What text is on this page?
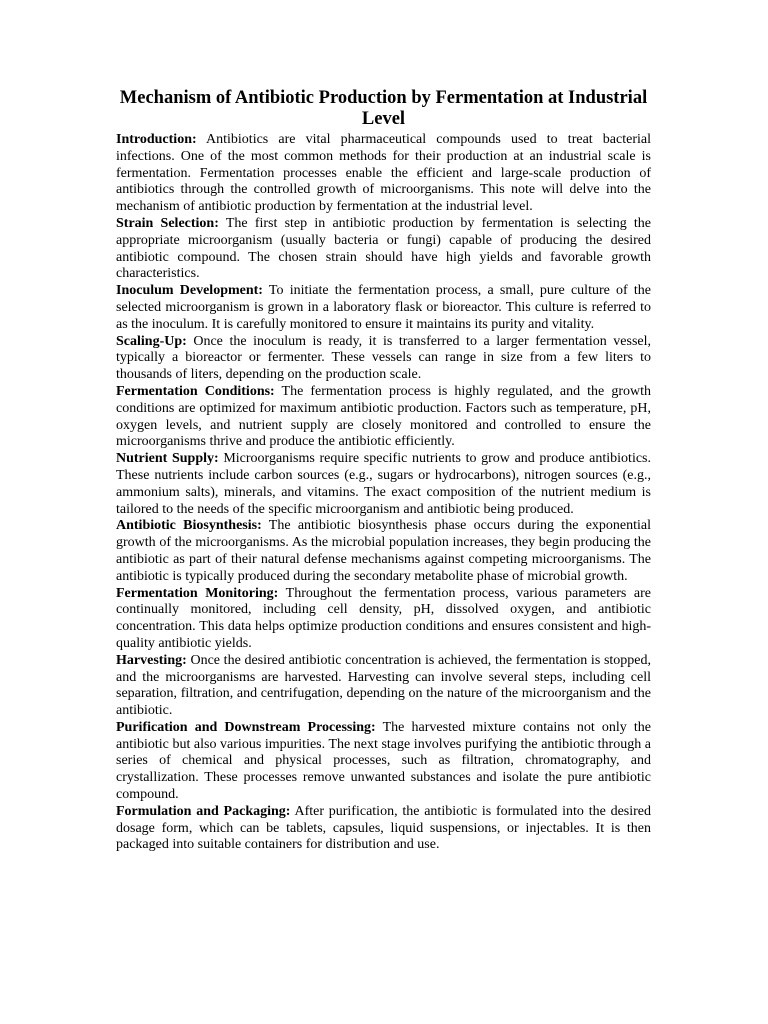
Mechanism of Antibiotic Production by Fermentation at Industrial Level

Introduction: Antibiotics are vital pharmaceutical compounds used to treat bacterial infections. One of the most common methods for their production at an industrial scale is fermentation. Fermentation processes enable the efficient and large-scale production of antibiotics through the controlled growth of microorganisms. This note will delve into the mechanism of antibiotic production by fermentation at the industrial level.

Strain Selection: The first step in antibiotic production by fermentation is selecting the appropriate microorganism (usually bacteria or fungi) capable of producing the desired antibiotic compound. The chosen strain should have high yields and favorable growth characteristics.

Inoculum Development: To initiate the fermentation process, a small, pure culture of the selected microorganism is grown in a laboratory flask or bioreactor. This culture is referred to as the inoculum. It is carefully monitored to ensure it maintains its purity and vitality.

Scaling-Up: Once the inoculum is ready, it is transferred to a larger fermentation vessel, typically a bioreactor or fermenter. These vessels can range in size from a few liters to thousands of liters, depending on the production scale.

Fermentation Conditions: The fermentation process is highly regulated, and the growth conditions are optimized for maximum antibiotic production. Factors such as temperature, pH, oxygen levels, and nutrient supply are closely monitored and controlled to ensure the microorganisms thrive and produce the antibiotic efficiently.

Nutrient Supply: Microorganisms require specific nutrients to grow and produce antibiotics. These nutrients include carbon sources (e.g., sugars or hydrocarbons), nitrogen sources (e.g., ammonium salts), minerals, and vitamins. The exact composition of the nutrient medium is tailored to the needs of the specific microorganism and antibiotic being produced.

Antibiotic Biosynthesis: The antibiotic biosynthesis phase occurs during the exponential growth of the microorganisms. As the microbial population increases, they begin producing the antibiotic as part of their natural defense mechanisms against competing microorganisms. The antibiotic is typically produced during the secondary metabolite phase of microbial growth.

Fermentation Monitoring: Throughout the fermentation process, various parameters are continually monitored, including cell density, pH, dissolved oxygen, and antibiotic concentration. This data helps optimize production conditions and ensures consistent and high-quality antibiotic yields.

Harvesting: Once the desired antibiotic concentration is achieved, the fermentation is stopped, and the microorganisms are harvested. Harvesting can involve several steps, including cell separation, filtration, and centrifugation, depending on the nature of the microorganism and the antibiotic.

Purification and Downstream Processing: The harvested mixture contains not only the antibiotic but also various impurities. The next stage involves purifying the antibiotic through a series of chemical and physical processes, such as filtration, chromatography, and crystallization. These processes remove unwanted substances and isolate the pure antibiotic compound.

Formulation and Packaging: After purification, the antibiotic is formulated into the desired dosage form, which can be tablets, capsules, liquid suspensions, or injectables. It is then packaged into suitable containers for distribution and use.
